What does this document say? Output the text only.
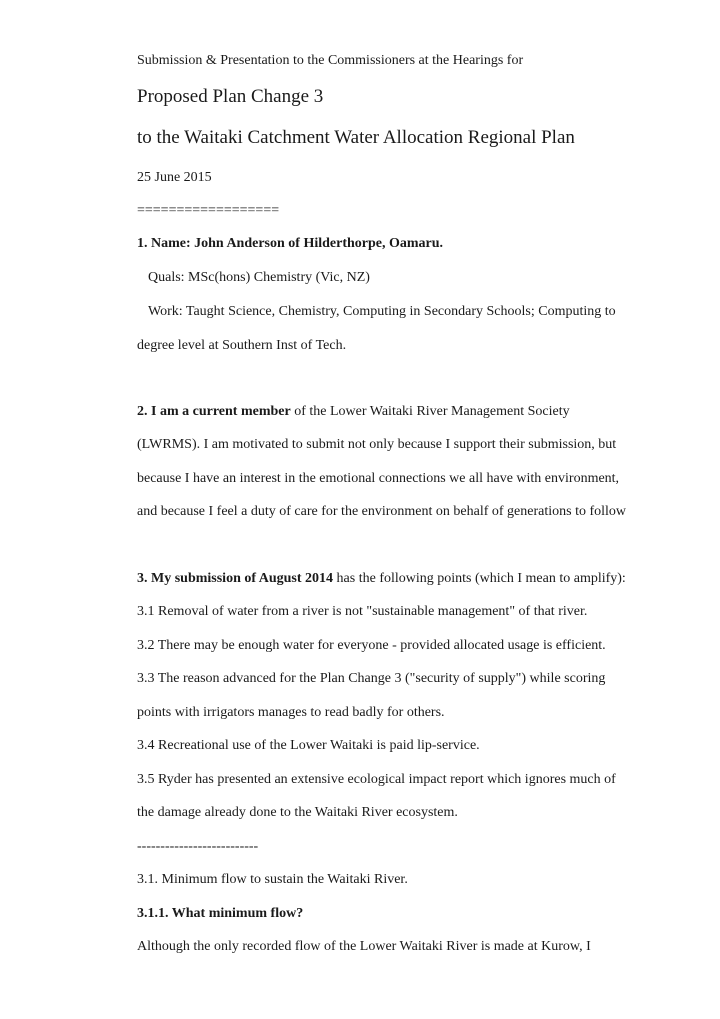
Submission & Presentation to the Commissioners at the Hearings for
Proposed Plan Change 3
to the Waitaki Catchment Water Allocation Regional Plan
25 June 2015
==================
1. Name: John Anderson of Hilderthorpe, Oamaru.
Quals: MSc(hons) Chemistry (Vic, NZ)
Work: Taught Science, Chemistry, Computing in Secondary Schools; Computing to
degree level at Southern Inst of Tech.
2. I am a current member of the Lower Waitaki River Management Society
(LWRMS). I am motivated to submit not only because I support their submission, but
because I have an interest in the emotional connections we all have with environment,
and because I feel a duty of care for the environment on behalf of generations to follow
3. My submission of August 2014 has the following points (which I mean to amplify):
3.1 Removal of water from a river is not "sustainable management" of that river.
3.2 There may be enough water for everyone - provided allocated usage is efficient.
3.3 The reason advanced for the Plan Change 3 ("security of supply") while scoring
points with irrigators manages to read badly for others.
3.4 Recreational use of the Lower Waitaki is paid lip-service.
3.5 Ryder has presented an extensive ecological impact report which ignores much of
the damage already done to the Waitaki River ecosystem.
--------------------------
3.1. Minimum flow to sustain the Waitaki River.
3.1.1. What minimum flow?
Although the only recorded flow of the Lower Waitaki River is made at Kurow, I
